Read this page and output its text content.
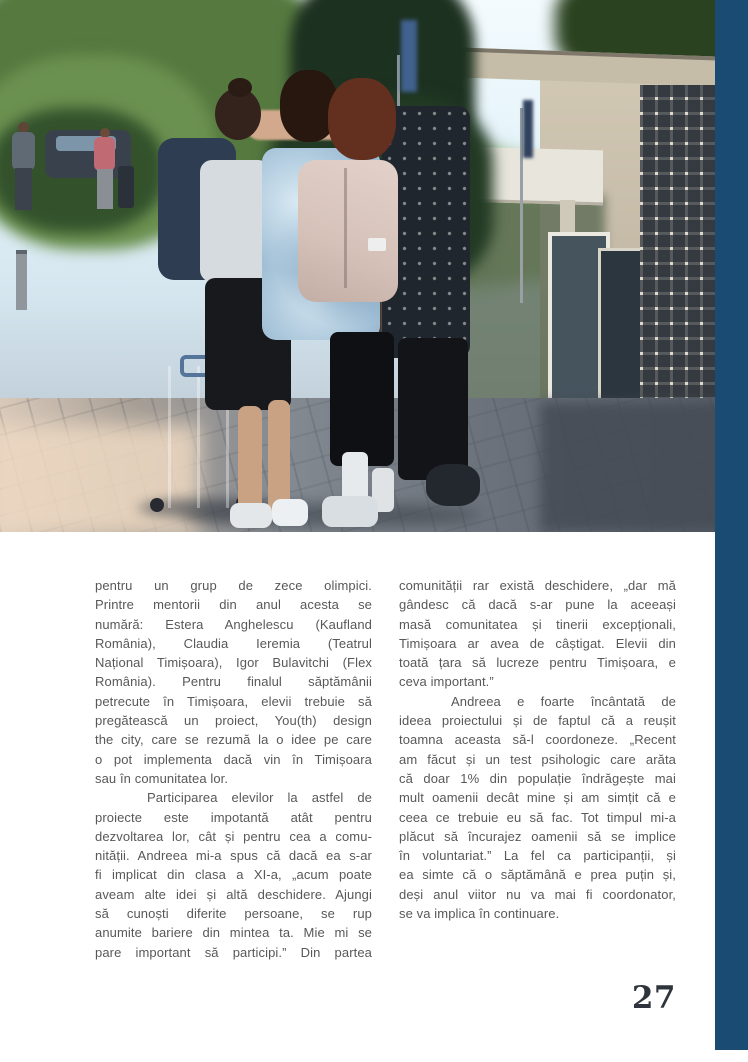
pentru un grup de zece olimpici.
Printre mentorii din anul acesta se
numără: Estera Anghelescu (Kaufland
România), Claudia Ieremia (Teatrul
Național Timișoara), Igor Bulavitchi (Flex
România). Pentru finalul săptămânii
petrecute în Timișoara, elevii trebuie să
pregătească un proiect, You(th) design
the city, care se rezumă la o idee pe care
o pot implementa dacă vin în Timișoara
sau în comunitatea lor.
Participarea elevilor la astfel de
proiecte este impotantă atât pentru
dezvoltarea lor, cât și pentru cea a comu-
nității. Andreea mi-a spus că dacă ea s-ar
fi implicat din clasa a XI-a, „acum poate
aveam alte idei și altă deschidere. Ajungi
să cunoști diferite persoane, se rup
anumite bariere din mintea ta. Mie mi se
pare important să participi.” Din partea
comunității rar există deschidere, „dar mă
gândesc că dacă s-ar pune la aceeași
masă comunitatea și tinerii excepționali,
Timișoara ar avea de câștigat. Elevii din
toată țara să lucreze pentru Timișoara, e
ceva important.”
Andreea e foarte încântată de
ideea proiectului și de faptul că a reușit
toamna aceasta să-l coordoneze. „Recent
am făcut și un test psihologic care arăta
că doar 1% din populație îndrăgește mai
mult oamenii decât mine și am simțit că e
ceea ce trebuie eu să fac. Tot timpul mi-a
plăcut să încurajez oamenii să se implice
în voluntariat.” La fel ca participanții, și
ea simte că o săptămână e prea puțin și,
deși anul viitor nu va mai fi coordonator,
se va implica în continuare.
27
